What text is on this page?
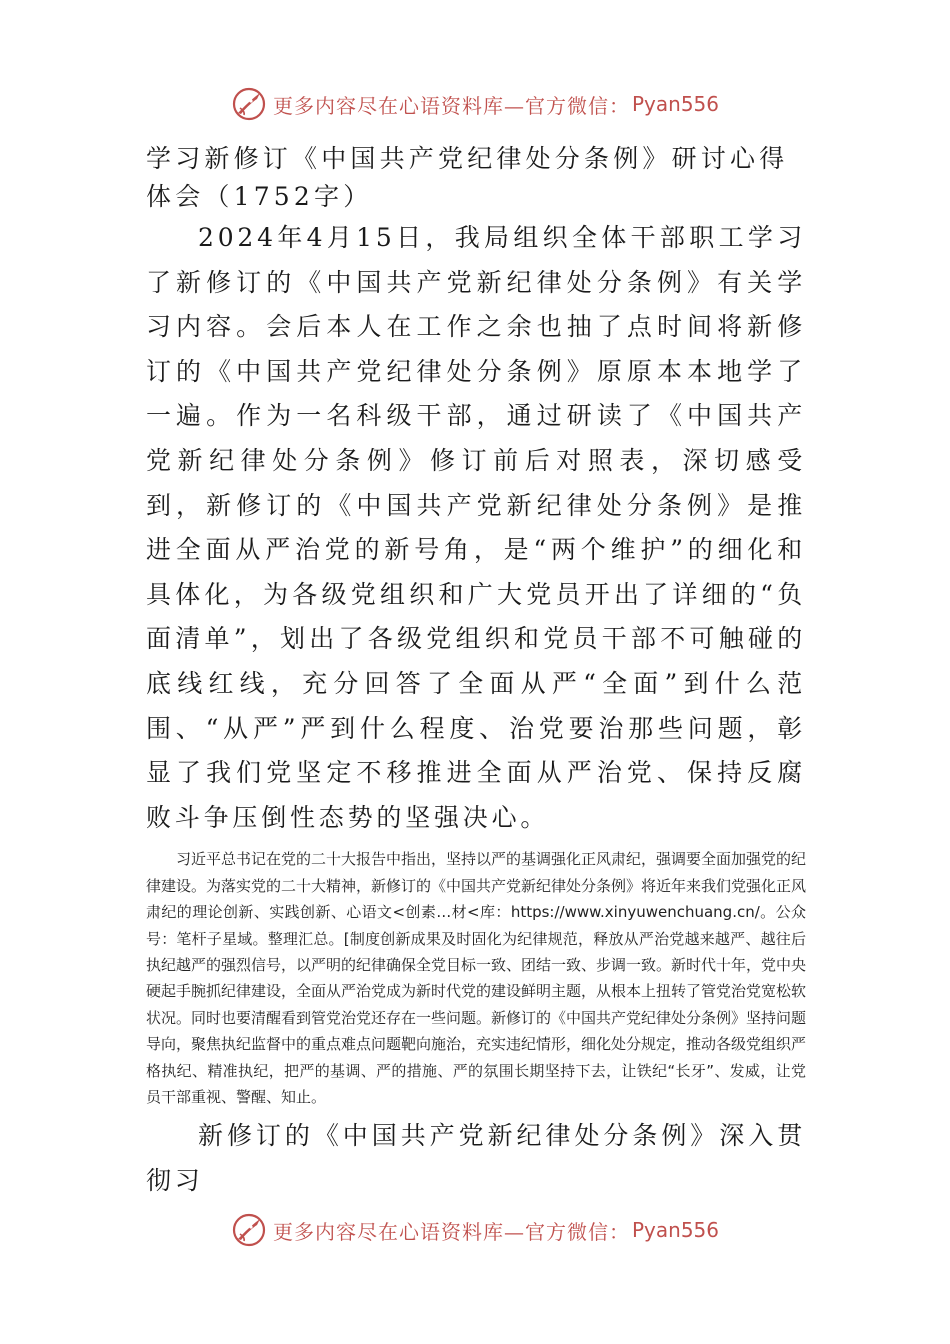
更多内容尽在心语资料库—官方微信： Pyan556
学习新修订《中国共产党纪律处分条例》研讨心得体会（1752字）

2024年4月15日，我局组织全体干部职工学习了新修订的《中国共产党新纪律处分条例》有关学习内容。会后本人在工作之余也抽了点时间将新修订的《中国共产党纪律处分条例》原原本本地学了一遍。作为一名科级干部，通过研读了《中国共产党新纪律处分条例》修订前后对照表，深切感受到，新修订的《中国共产党新纪律处分条例》是推进全面从严治党的新号角，是“两个维护”的细化和具体化，为各级党组织和广大党员开出了详细的“负面清单”，划出了各级党组织和党员干部不可触碰的底线红线，充分回答了全面从严“全面”到什么范围、“从严”严到什么程度、治党要治那些问题，彰显了我们党坚定不移推进全面从严治党、保持反腐败斗争压倒性态势的坚强决心。

习近平总书记在党的二十大报告中指出，坚持以严的基调强化正风肃纪，强调要全面加强党的纪律建设。为落实党的二十大精神，新修订的《中国共产党新纪律处分条例》将近年来我们党强化正风肃纪的理论创新、实践创新、心语文<创素…材<库：https://www.xinyuwenchuang.cn/。公众号：笔杆子星域。整理汇总。[制度创新成果及时固化为纪律规范，释放从严治党越来越严、越往后执纪越严的强烈信号，以严明的纪律确保全党目标一致、团结一致、步调一致。新时代十年，党中央硬起手腕抓纪律建设，全面从严治党成为新时代党的建设鲜明主题，从根本上扭转了管党治党宽松软状况。同时也要清醒看到管党治党还存在一些问题。新修订的《中国共产党纪律处分条例》坚持问题导向，聚焦执纪监督中的重点难点问题靶向施治，充实违纪情形，细化处分规定，推动各级党组织严格执纪、精准执纪，把严的基调、严的措施、严的氛围长期坚持下去，让铁纪“长牙”、发威，让党员干部重视、警醒、知止。

新修订的《中国共产党新纪律处分条例》深入贯彻习

更多内容尽在心语资料库—官方微信： Pyan556
